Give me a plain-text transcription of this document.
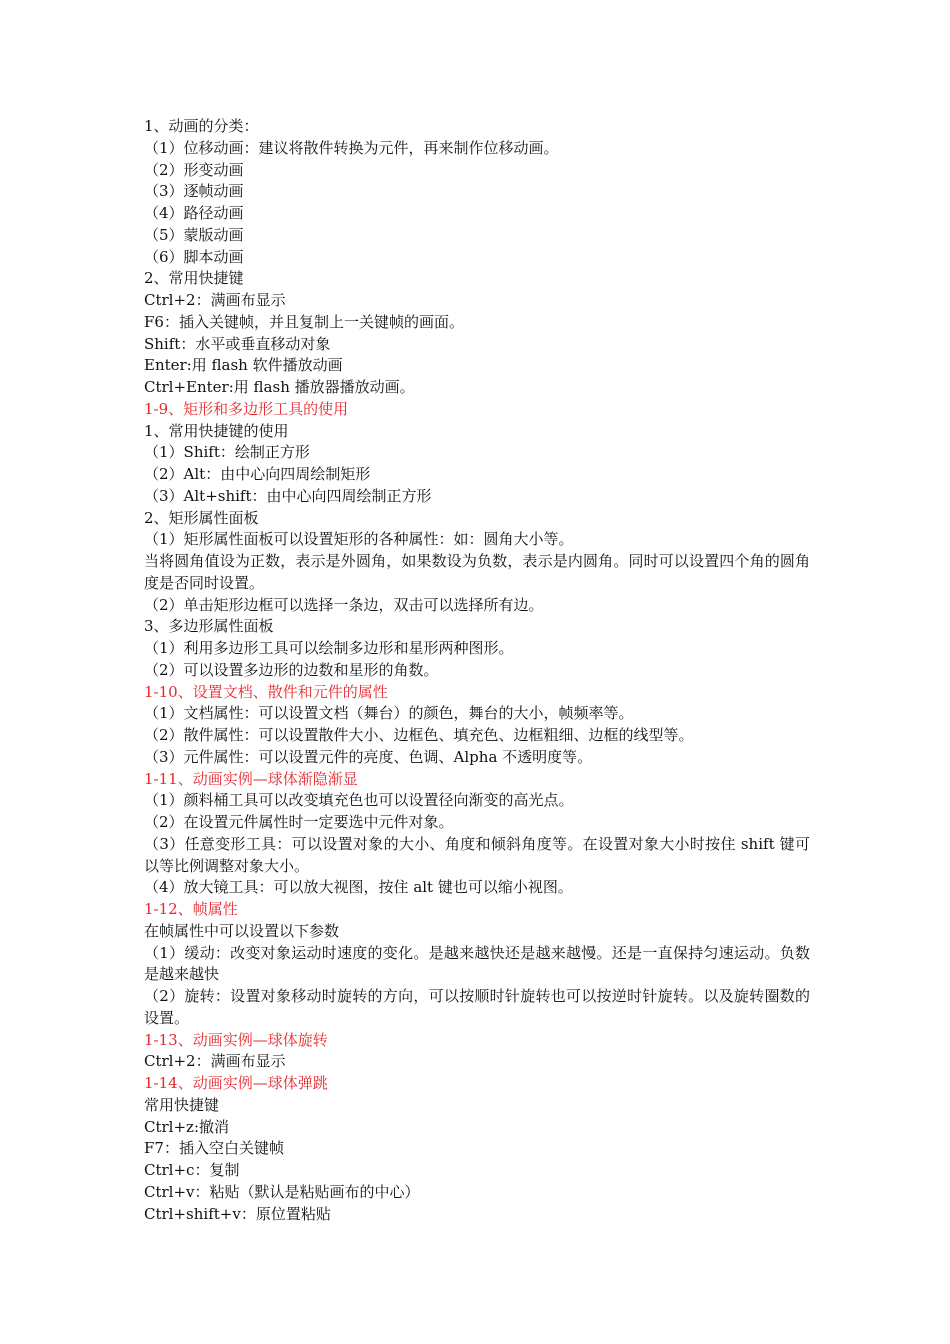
1、动画的分类：
（1）位移动画：建议将散件转换为元件，再来制作位移动画。
（2）形变动画
（3）逐帧动画
（4）路径动画
（5）蒙版动画
（6）脚本动画
2、常用快捷键
Ctrl+2：满画布显示
F6：插入关键帧，并且复制上一关键帧的画面。
Shift：水平或垂直移动对象
Enter:用 flash 软件播放动画
Ctrl+Enter:用 flash 播放器播放动画。
1-9、矩形和多边形工具的使用
1、常用快捷键的使用
（1）Shift：绘制正方形
（2）Alt：由中心向四周绘制矩形
（3）Alt+shift：由中心向四周绘制正方形
2、矩形属性面板
（1）矩形属性面板可以设置矩形的各种属性：如：圆角大小等。
当将圆角值设为正数，表示是外圆角，如果数设为负数，表示是内圆角。同时可以设置四个角的圆角度是否同时设置。
（2）单击矩形边框可以选择一条边，双击可以选择所有边。
3、多边形属性面板
（1）利用多边形工具可以绘制多边形和星形两种图形。
（2）可以设置多边形的边数和星形的角数。
1-10、设置文档、散件和元件的属性
（1）文档属性：可以设置文档（舞台）的颜色，舞台的大小，帧频率等。
（2）散件属性：可以设置散件大小、边框色、填充色、边框粗细、边框的线型等。
（3）元件属性：可以设置元件的亮度、色调、Alpha 不透明度等。
1-11、动画实例—球体渐隐渐显
（1）颜料桶工具可以改变填充色也可以设置径向渐变的高光点。
（2）在设置元件属性时一定要选中元件对象。
（3）任意变形工具：可以设置对象的大小、角度和倾斜角度等。在设置对象大小时按住 shift 键可以等比例调整对象大小。
（4）放大镜工具：可以放大视图，按住 alt 键也可以缩小视图。
1-12、帧属性
在帧属性中可以设置以下参数
（1）缓动：改变对象运动时速度的变化。是越来越快还是越来越慢。还是一直保持匀速运动。负数是越来越快
（2）旋转：设置对象移动时旋转的方向，可以按顺时针旋转也可以按逆时针旋转。以及旋转圈数的设置。
1-13、动画实例—球体旋转
Ctrl+2：满画布显示
1-14、动画实例—球体弹跳
常用快捷键
Ctrl+z:撤消
F7：插入空白关键帧
Ctrl+c：复制
Ctrl+v：粘贴（默认是粘贴画布的中心）
Ctrl+shift+v：原位置粘贴
